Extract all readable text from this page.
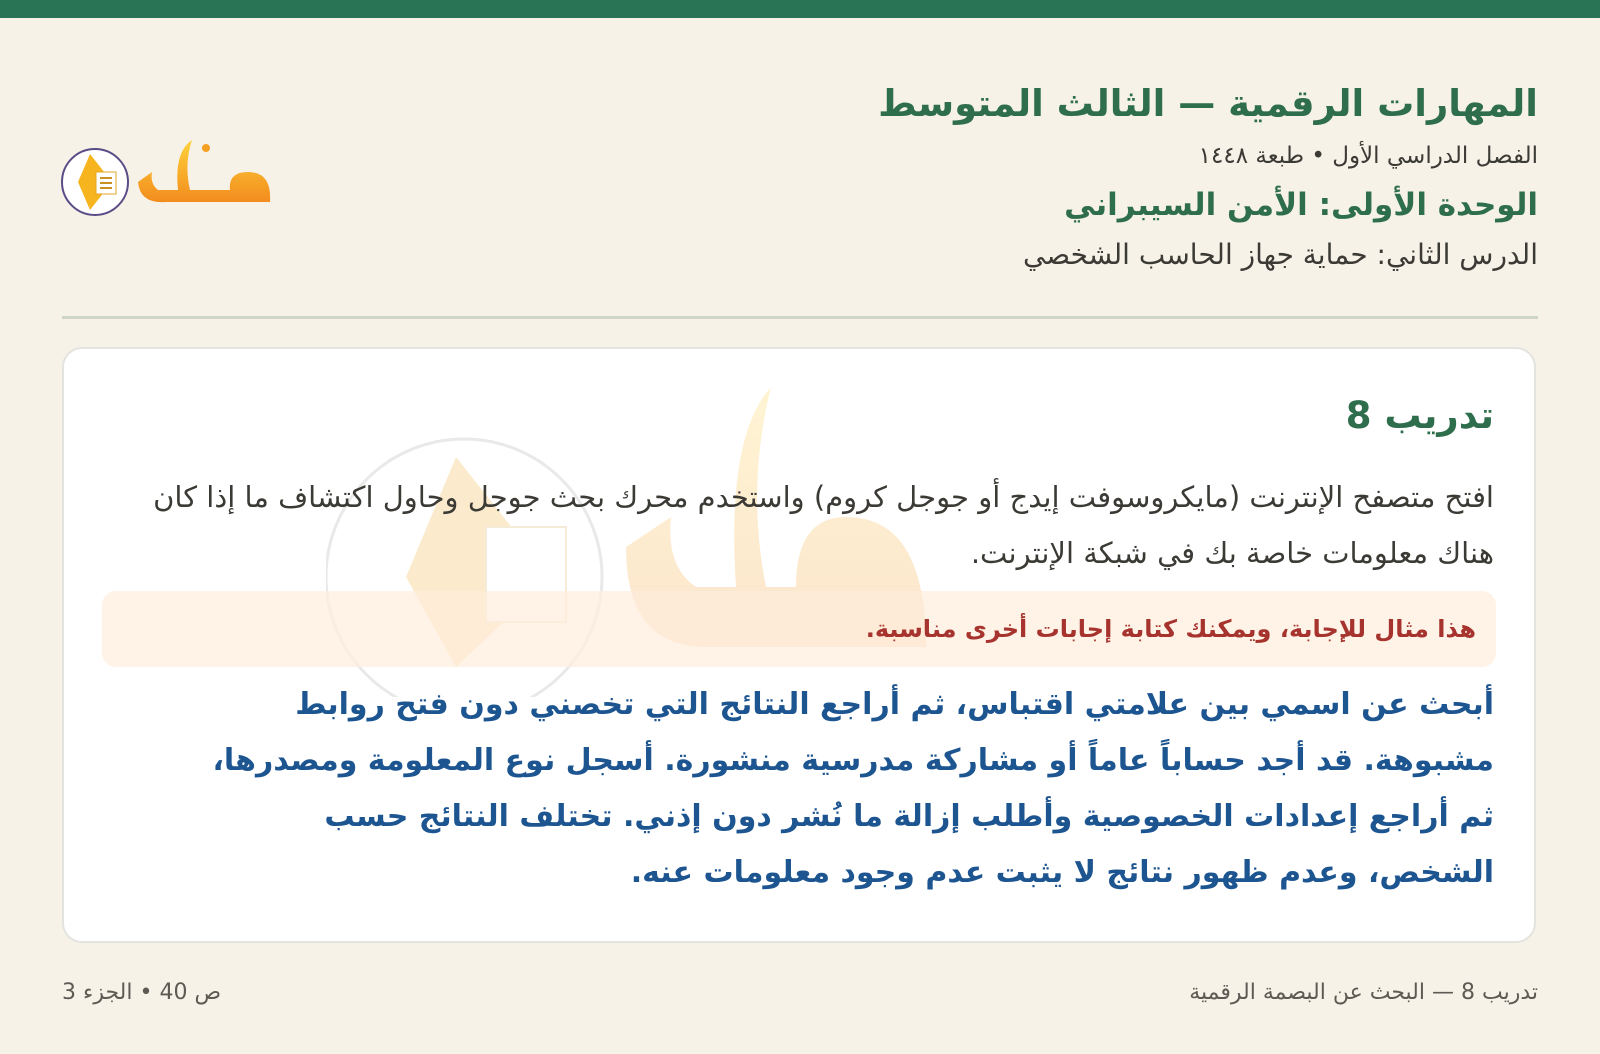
المهارات الرقمية — الثالث المتوسط
الفصل الدراسي الأول • طبعة ١٤٤٨
الوحدة الأولى: الأمن السيبراني
الدرس الثاني: حماية جهاز الحاسب الشخصي
تدريب 8

افتح متصفح الإنترنت (مايكروسوفت إيدج أو جوجل كروم) واستخدم محرك بحث جوجل وحاول اكتشاف ما إذا كان هناك معلومات خاصة بك في شبكة الإنترنت.

هذا مثال للإجابة، ويمكنك كتابة إجابات أخرى مناسبة.

أبحث عن اسمي بين علامتي اقتباس، ثم أراجع النتائج التي تخصني دون فتح روابط مشبوهة. قد أجد حساباً عاماً أو مشاركة مدرسية منشورة. أسجل نوع المعلومة ومصدرها، ثم أراجع إعدادات الخصوصية وأطلب إزالة ما نُشر دون إذني. تختلف النتائج حسب الشخص، وعدم ظهور نتائج لا يثبت عدم وجود معلومات عنه.

تدريب 8 — البحث عن البصمة الرقمية
ص 40 • الجزء 3
